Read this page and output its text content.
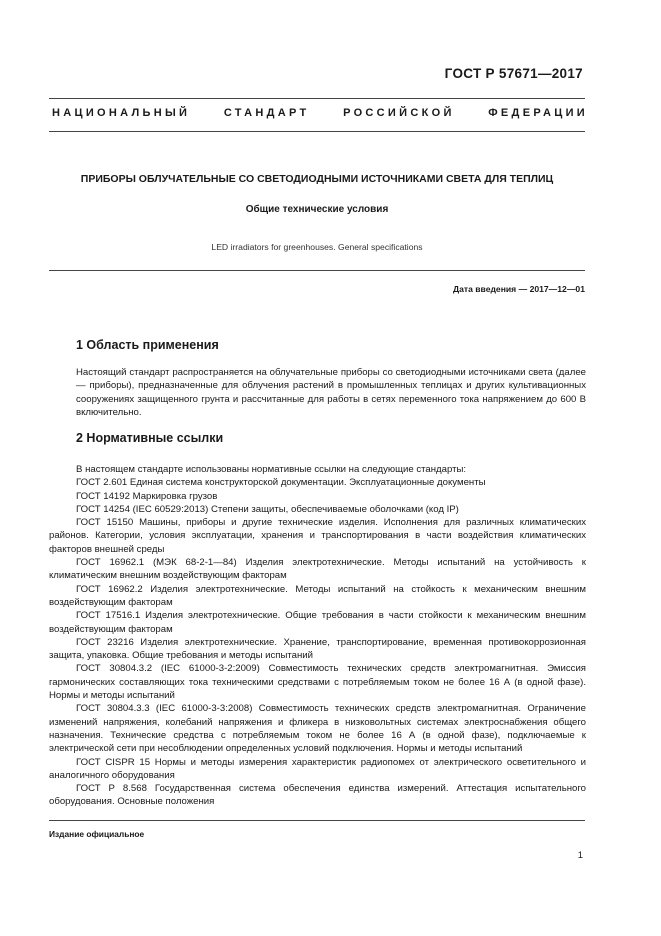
ГОСТ Р 57671—2017
НАЦИОНАЛЬНЫЙ СТАНДАРТ РОССИЙСКОЙ ФЕДЕРАЦИИ
ПРИБОРЫ ОБЛУЧАТЕЛЬНЫЕ СО СВЕТОДИОДНЫМИ ИСТОЧНИКАМИ СВЕТА ДЛЯ ТЕПЛИЦ
Общие технические условия
LED irradiators for greenhouses. General specifications
Дата введения — 2017—12—01
1 Область применения
Настоящий стандарт распространяется на облучательные приборы со светодиодными источниками света (далее — приборы), предназначенные для облучения растений в промышленных теплицах и других культивационных сооружениях защищенного грунта и рассчитанные для работы в сетях переменного тока напряжением до 600 В включительно.
2 Нормативные ссылки

В настоящем стандарте использованы нормативные ссылки на следующие стандарты:

ГОСТ 2.601 Единая система конструкторской документации. Эксплуатационные документы

ГОСТ 14192 Маркировка грузов

ГОСТ 14254 (IEC 60529:2013) Степени защиты, обеспечиваемые оболочками (код IP)

ГОСТ 15150 Машины, приборы и другие технические изделия. Исполнения для различных климатических районов. Категории, условия эксплуатации, хранения и транспортирования в части воздействия климатических факторов внешней среды

ГОСТ 16962.1 (МЭК 68-2-1—84) Изделия электротехнические. Методы испытаний на устойчивость к климатическим внешним воздействующим факторам

ГОСТ 16962.2 Изделия электротехнические. Методы испытаний на стойкость к механическим внешним воздействующим факторам

ГОСТ 17516.1 Изделия электротехнические. Общие требования в части стойкости к механическим внешним воздействующим факторам

ГОСТ 23216 Изделия электротехнические. Хранение, транспортирование, временная противокоррозионная защита, упаковка. Общие требования и методы испытаний

ГОСТ 30804.3.2 (IEC 61000-3-2:2009) Совместимость технических средств электромагнитная. Эмиссия гармонических составляющих тока техническими средствами с потребляемым током не более 16 А (в одной фазе). Нормы и методы испытаний

ГОСТ 30804.3.3 (IEC 61000-3-3:2008) Совместимость технических средств электромагнитная. Ограничение изменений напряжения, колебаний напряжения и фликера в низковольтных системах электроснабжения общего назначения. Технические средства с потребляемым током не более 16 А (в одной фазе), подключаемые к электрической сети при несоблюдении определенных условий подключения. Нормы и методы испытаний

ГОСТ CISPR 15 Нормы и методы измерения характеристик радиопомех от электрического осветительного и аналогичного оборудования

ГОСТ Р 8.568 Государственная система обеспечения единства измерений. Аттестация испытательного оборудования. Основные положения

Издание официальное
1
